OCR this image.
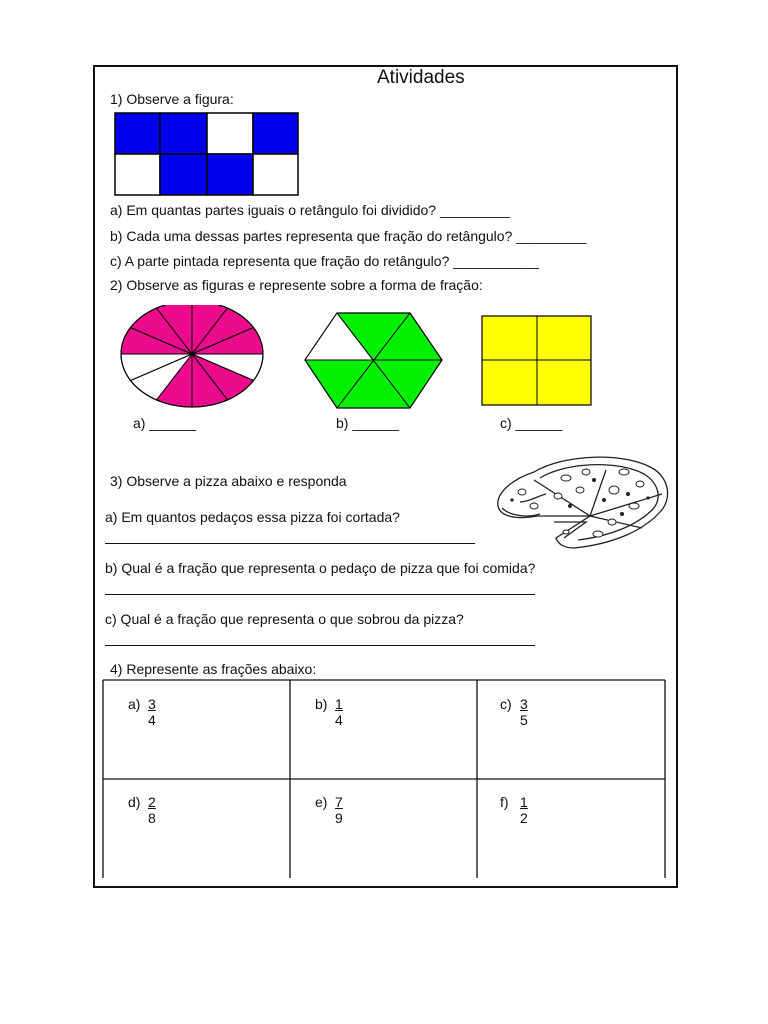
Atividades
1) Observe a figura:
a) Em quantas partes iguais o retângulo foi dividido? _________
b) Cada uma dessas partes representa que fração do retângulo? _________
c) A parte pintada representa que fração do retângulo? ___________
2) Observe as figuras e represente sobre a forma de fração:
a) ______	b) ______	c) ______
3) Observe a pizza abaixo e responda
a) Em quantos pedaços essa pizza foi cortada?
b) Qual é a fração que representa o pedaço de pizza que foi comida?
c) Qual é a fração que representa o que sobrou da pizza?
4) Represente as frações abaixo:
a) 3
4
b) 1
4
c) 3
5
d) 2
8
e) 7
9
f) 1
2
